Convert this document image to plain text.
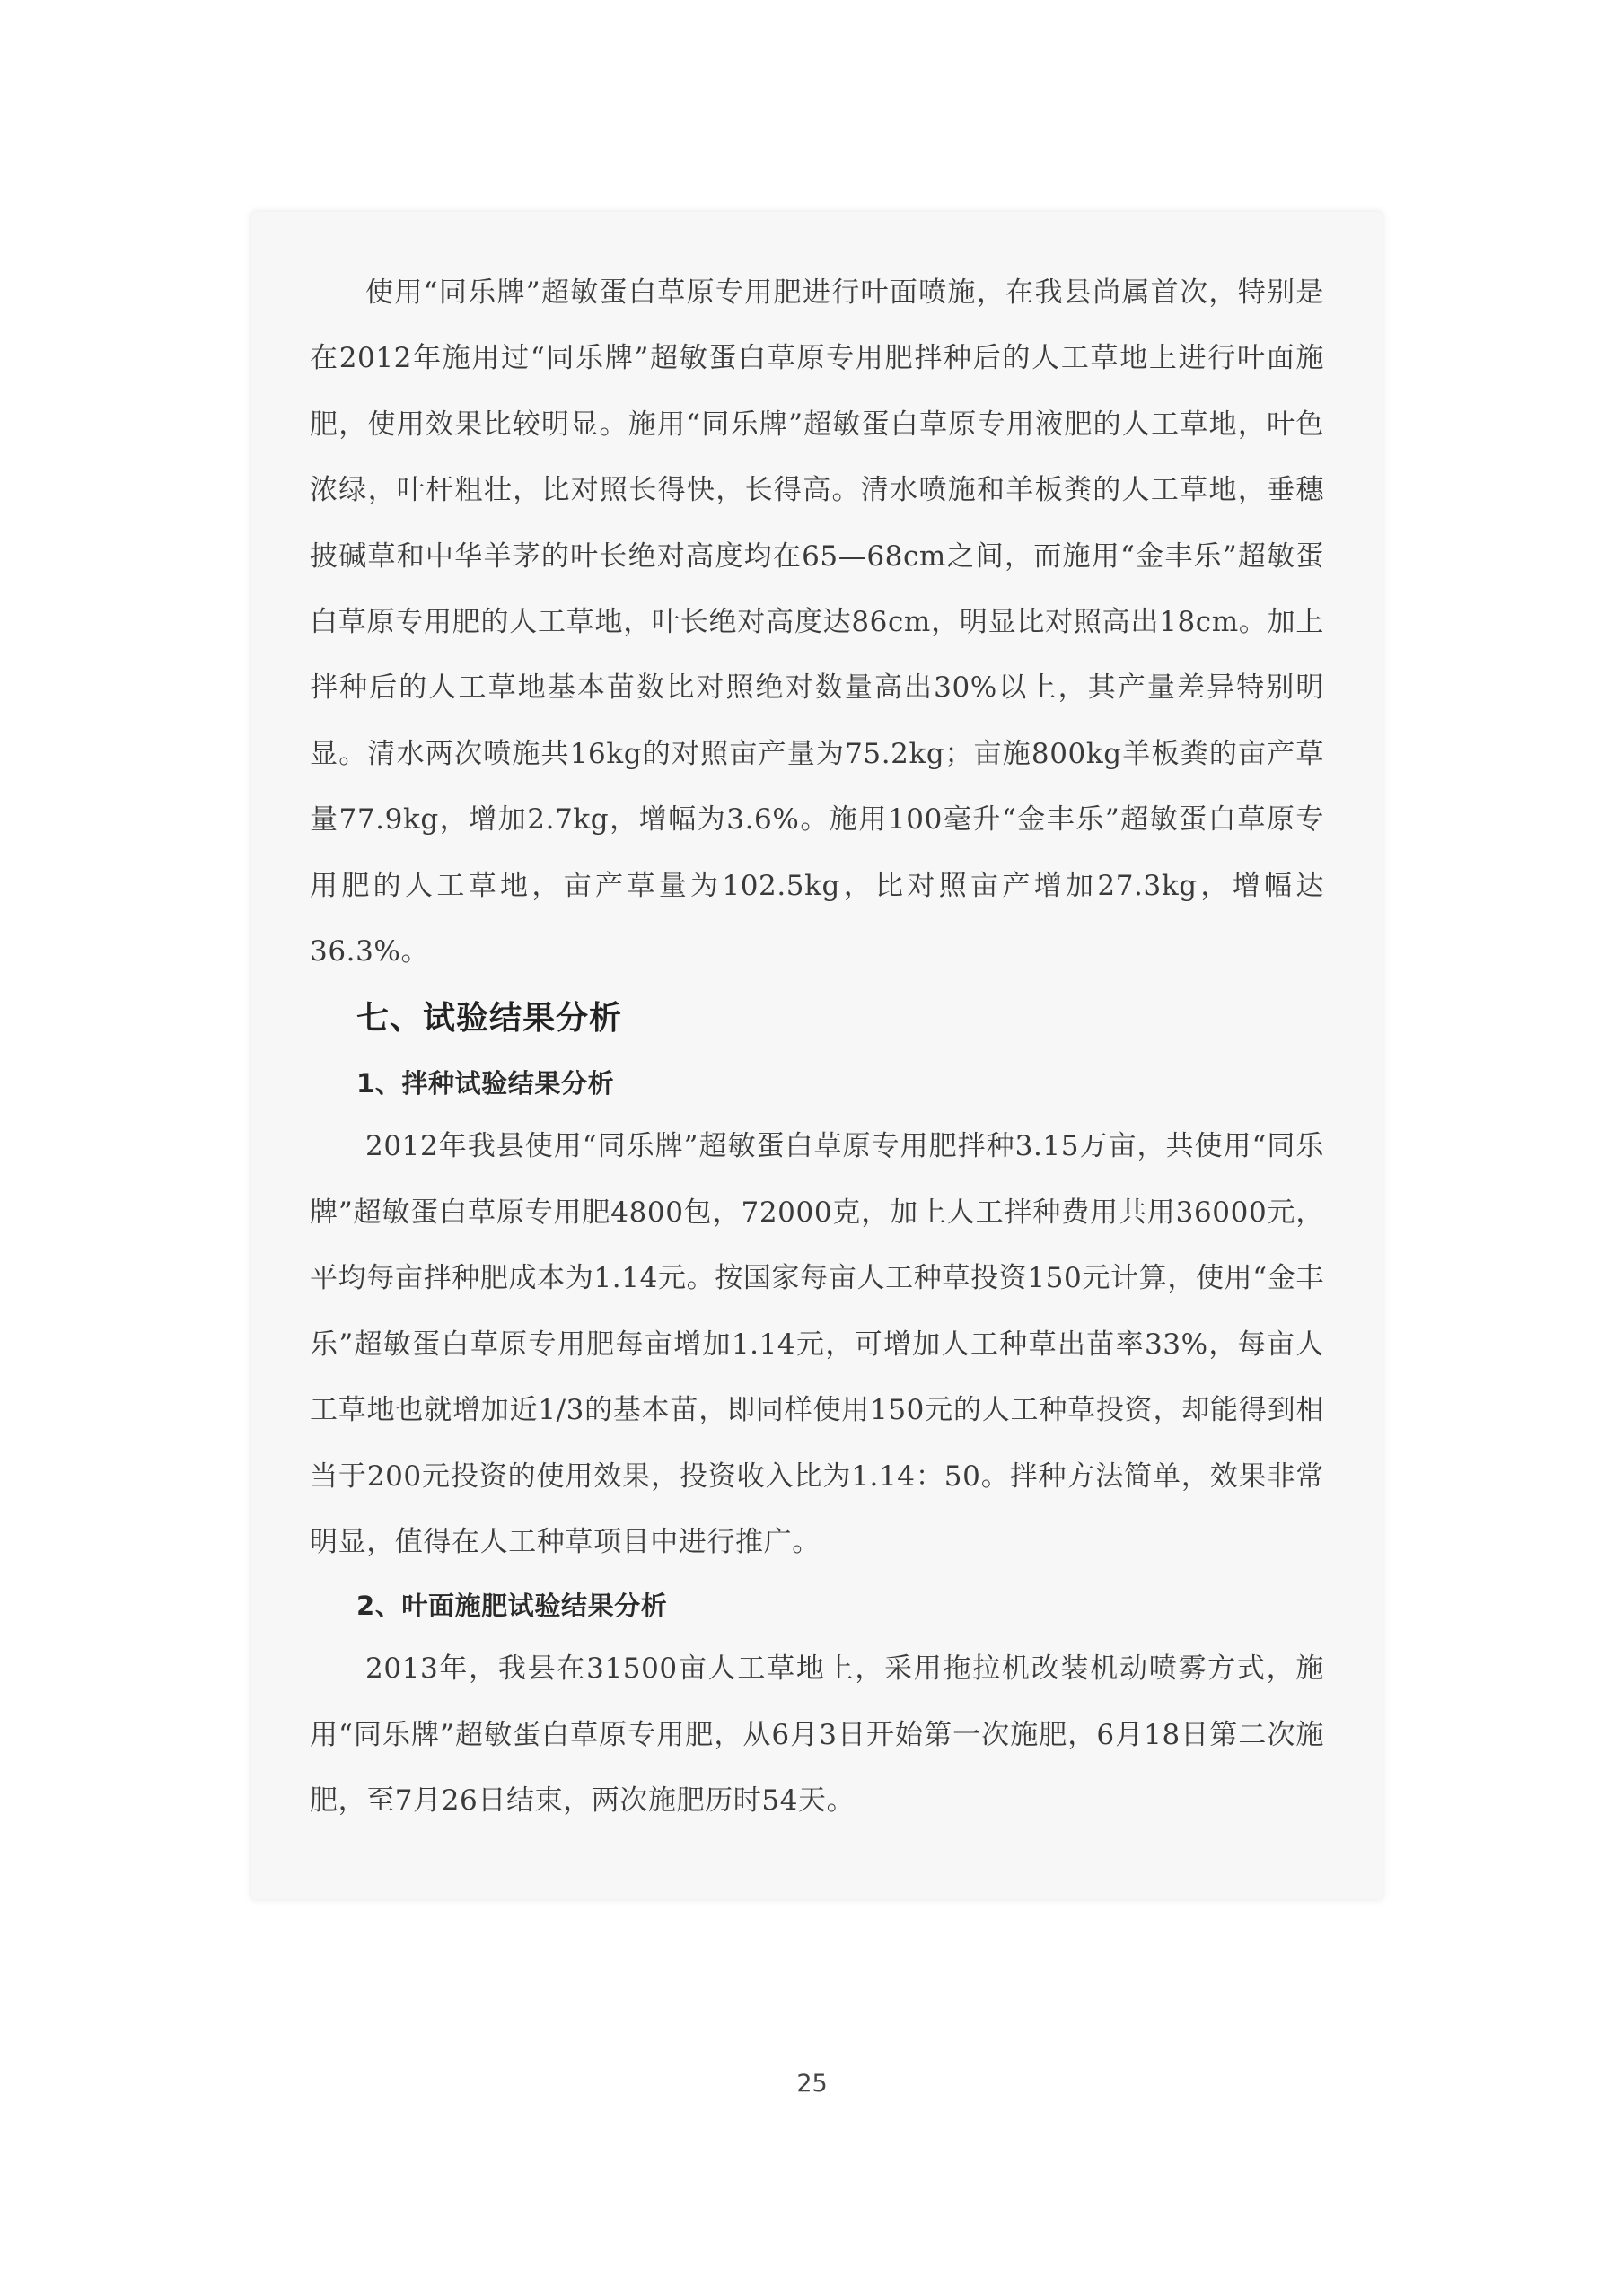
使用“同乐牌”超敏蛋白草原专用肥进行叶面喷施，在我县尚属首次，特别是在2012年施用过“同乐牌”超敏蛋白草原专用肥拌种后的人工草地上进行叶面施肥，使用效果比较明显。施用“同乐牌”超敏蛋白草原专用液肥的人工草地，叶色浓绿，叶杆粗壮，比对照长得快，长得高。清水喷施和羊板粪的人工草地，垂穗披碱草和中华羊茅的叶长绝对高度均在65—68cm之间，而施用“金丰乐”超敏蛋白草原专用肥的人工草地，叶长绝对高度达86cm，明显比对照高出18cm。加上拌种后的人工草地基本苗数比对照绝对数量高出30%以上，其产量差异特别明显。清水两次喷施共16kg的对照亩产量为75.2kg；亩施800kg羊板粪的亩产草量77.9kg，增加2.7kg，增幅为3.6%。施用100毫升“金丰乐”超敏蛋白草原专用肥的人工草地，亩产草量为102.5kg，比对照亩产增加27.3kg，增幅达36.3%。

七、试验结果分析
1、拌种试验结果分析

2012年我县使用“同乐牌”超敏蛋白草原专用肥拌种3.15万亩，共使用“同乐牌”超敏蛋白草原专用肥4800包，72000克，加上人工拌种费用共用36000元，平均每亩拌种肥成本为1.14元。按国家每亩人工种草投资150元计算，使用“金丰乐”超敏蛋白草原专用肥每亩增加1.14元，可增加人工种草出苗率33%，每亩人工草地也就增加近1/3的基本苗，即同样使用150元的人工种草投资，却能得到相当于200元投资的使用效果，投资收入比为1.14：50。拌种方法简单，效果非常明显，值得在人工种草项目中进行推广。

2、叶面施肥试验结果分析

2013年，我县在31500亩人工草地上，采用拖拉机改装机动喷雾方式，施用“同乐牌”超敏蛋白草原专用肥，从6月3日开始第一次施肥，6月18日第二次施肥，至7月26日结束，两次施肥历时54天。

25
